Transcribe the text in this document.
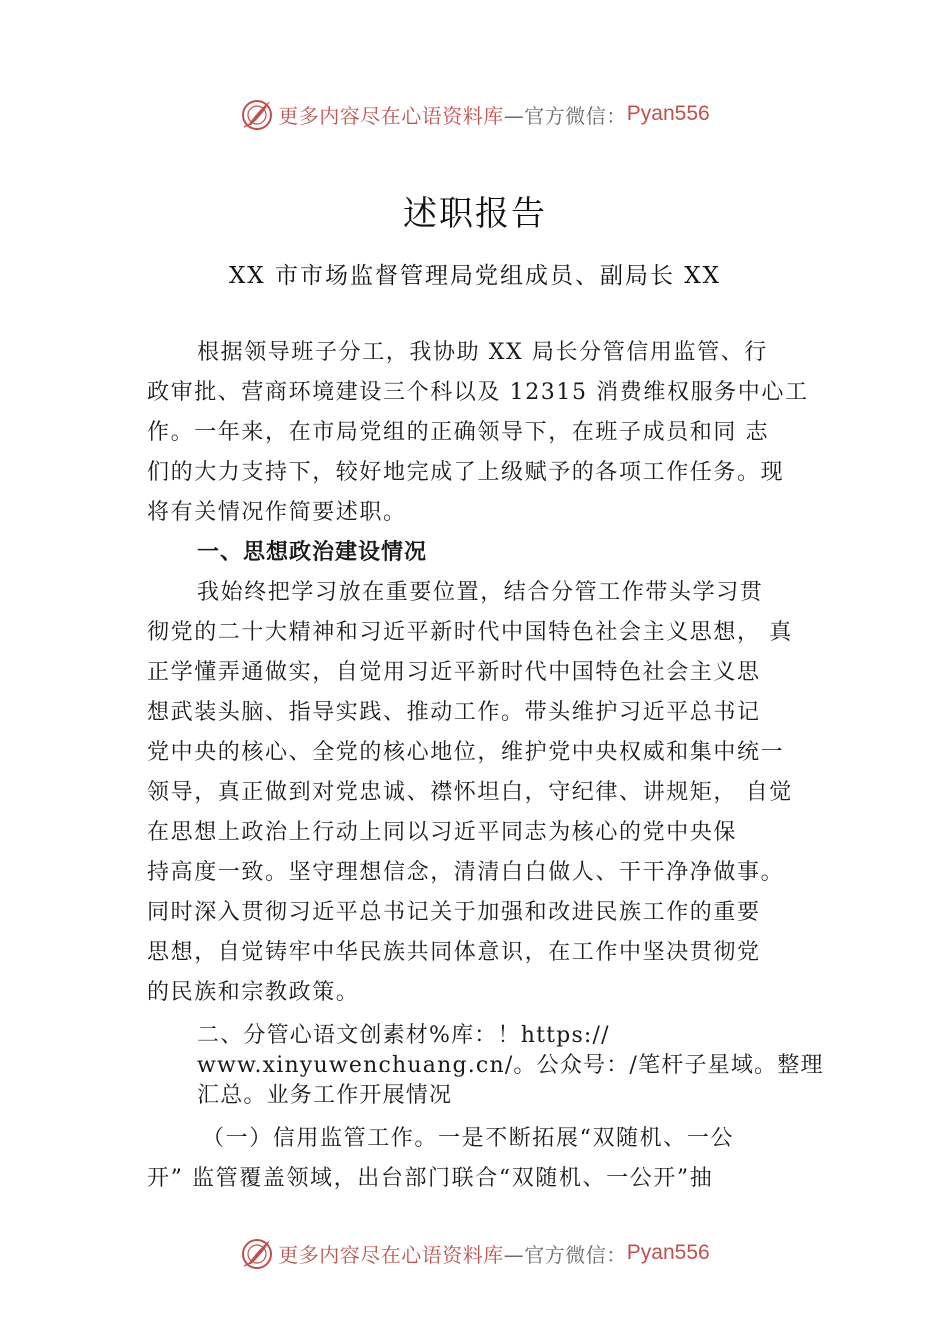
更多内容尽在心语资料库 —官方微信： Pyan556
述职报告
XX 市市场监督管理局党组成员、副局长 XX
根据领导班子分工，我协助 XX 局长分管信用监管、行
政审批、营商环境建设三个科以及 12315 消费维权服务中心工
作。一年来，在市局党组的正确领导下，在班子成员和同 志
们的大力支持下，较好地完成了上级赋予的各项工作任务。现
将有关情况作简要述职。
一、思想政治建设情况
我始终把学习放在重要位置，结合分管工作带头学习贯
彻党的二十大精神和习近平新时代中国特色社会主义思想， 真
正学懂弄通做实，自觉用习近平新时代中国特色社会主义思
想武装头脑、指导实践、推动工作。带头维护习近平总书记
党中央的核心、全党的核心地位，维护党中央权威和集中统一
领导，真正做到对党忠诚、襟怀坦白，守纪律、讲规矩， 自觉
在思想上政治上行动上同以习近平同志为核心的党中央保
持高度一致。坚守理想信念，清清白白做人、干干净净做事。
同时深入贯彻习近平总书记关于加强和改进民族工作的重要
思想，自觉铸牢中华民族共同体意识，在工作中坚决贯彻党
的民族和宗教政策。
二、分管心语文创素材%库：！https://
www.xinyuwenchuang.cn/。公众号：/笔杆子星域。整理
汇总。业务工作开展情况
（一）信用监管工作。一是不断拓展“双随机、一公
开” 监管覆盖领域，出台部门联合“双随机、一公开”抽
更多内容尽在心语资料库 —官方微信： Pyan556
